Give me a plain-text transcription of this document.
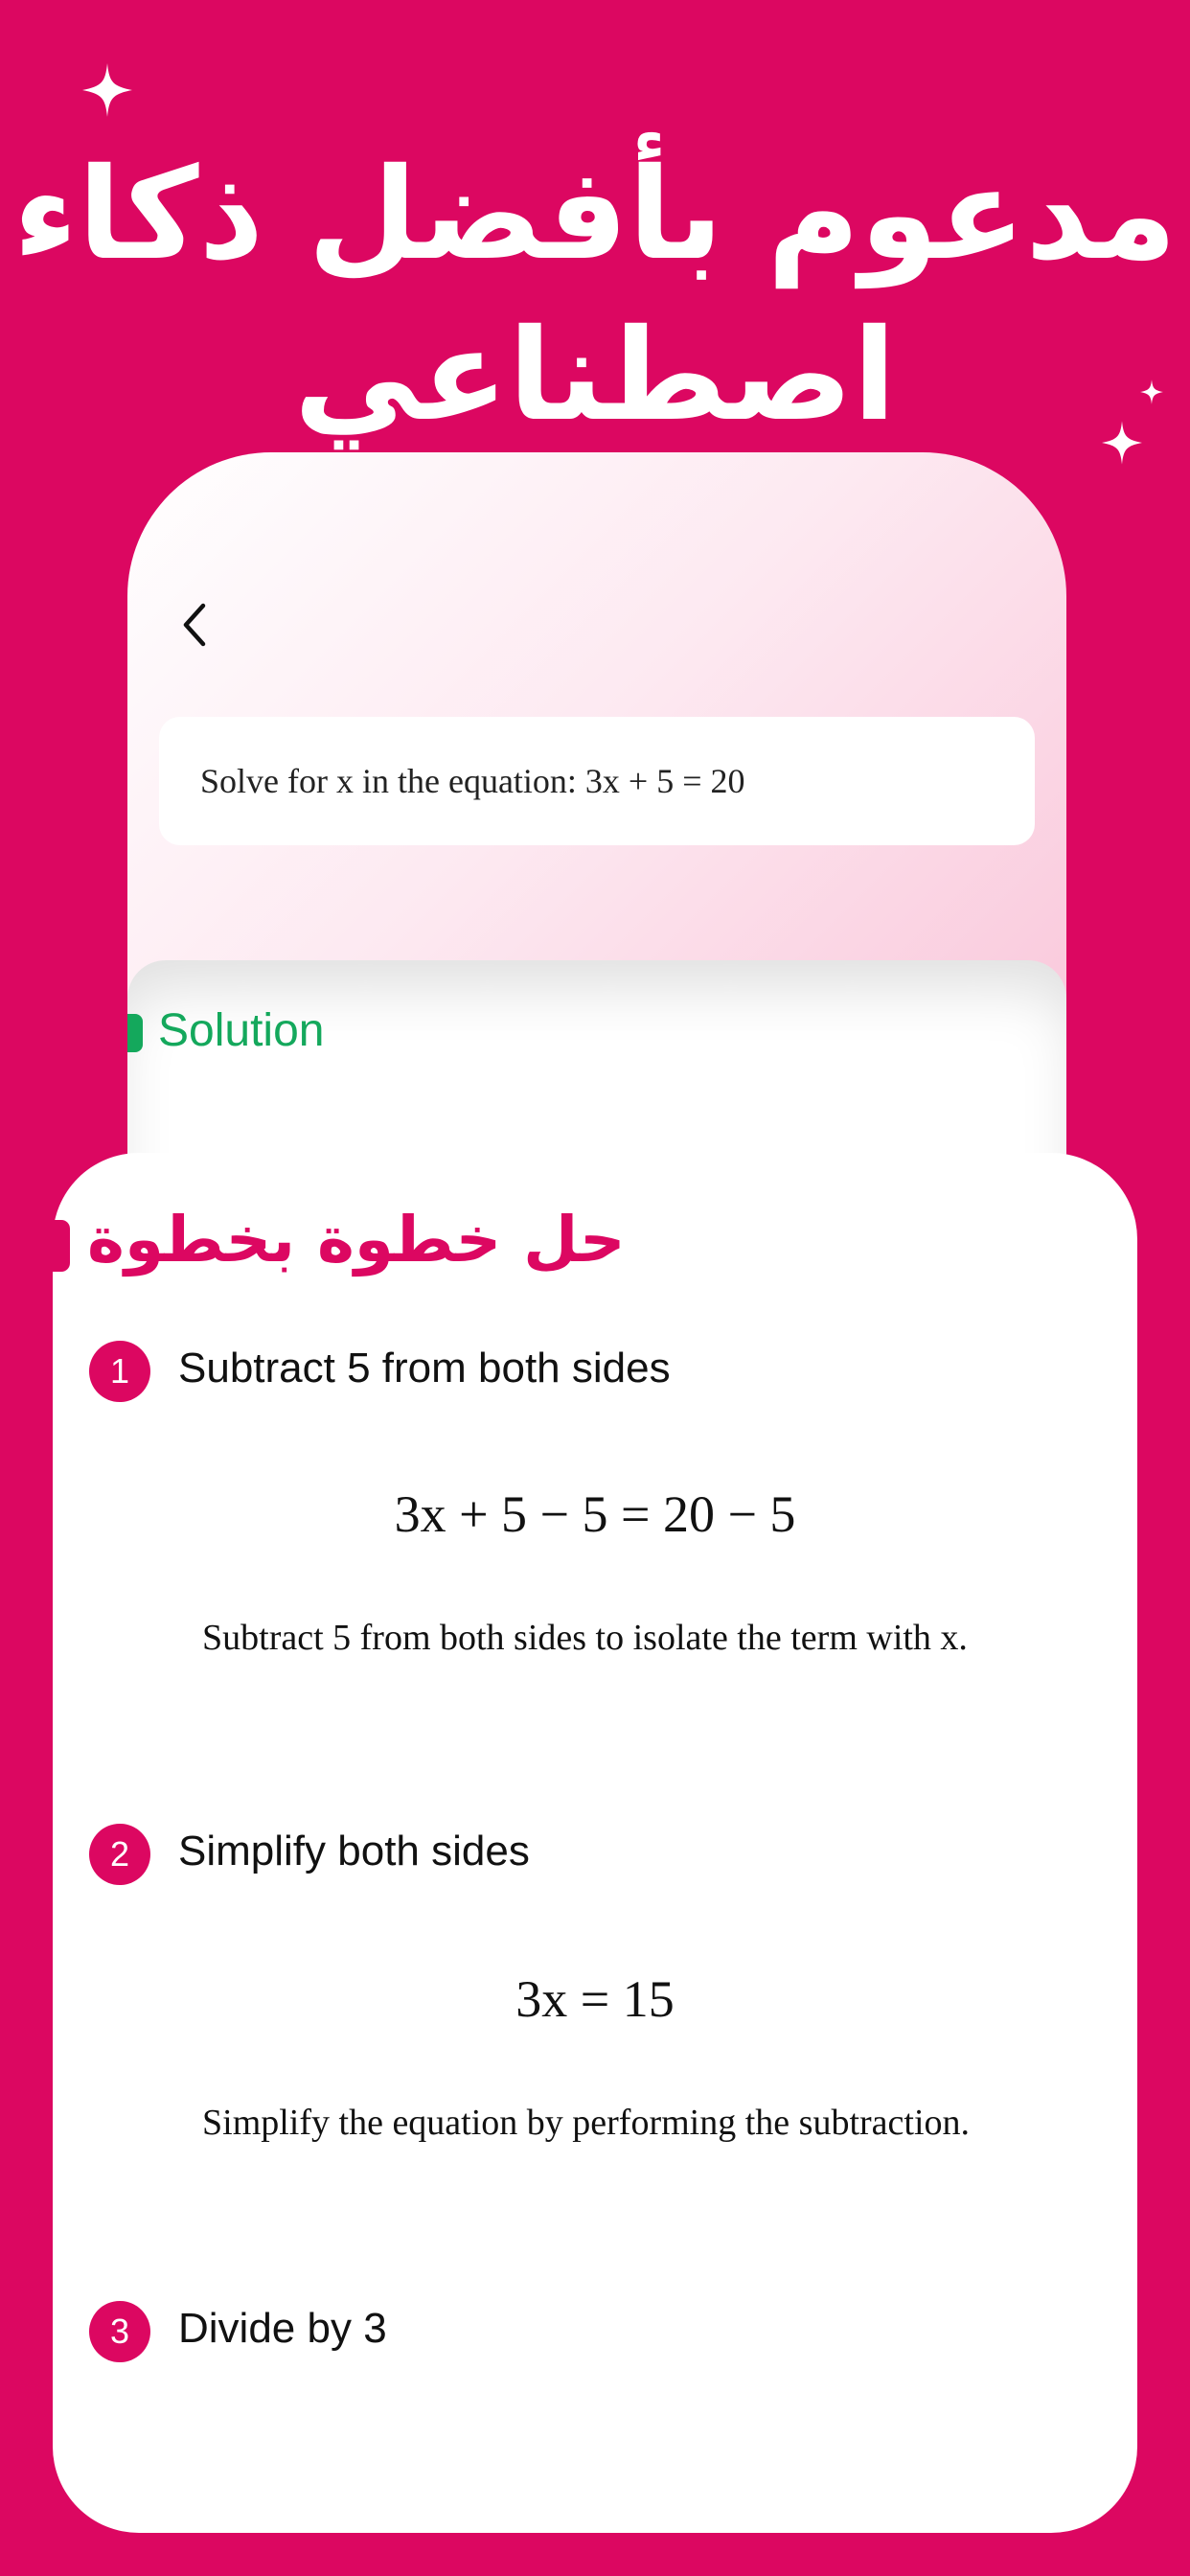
مدعوم بأفضل ذكاء
اصطناعي
Solve for x in the equation: 3x + 5 = 20
Solution
حل خطوة بخطوة
1	Subtract 5 from both sides
3x + 5 − 5 = 20 − 5
Subtract 5 from both sides to isolate the term with x.
2	Simplify both sides
3x = 15
Simplify the equation by performing the subtraction.
3	Divide by 3
